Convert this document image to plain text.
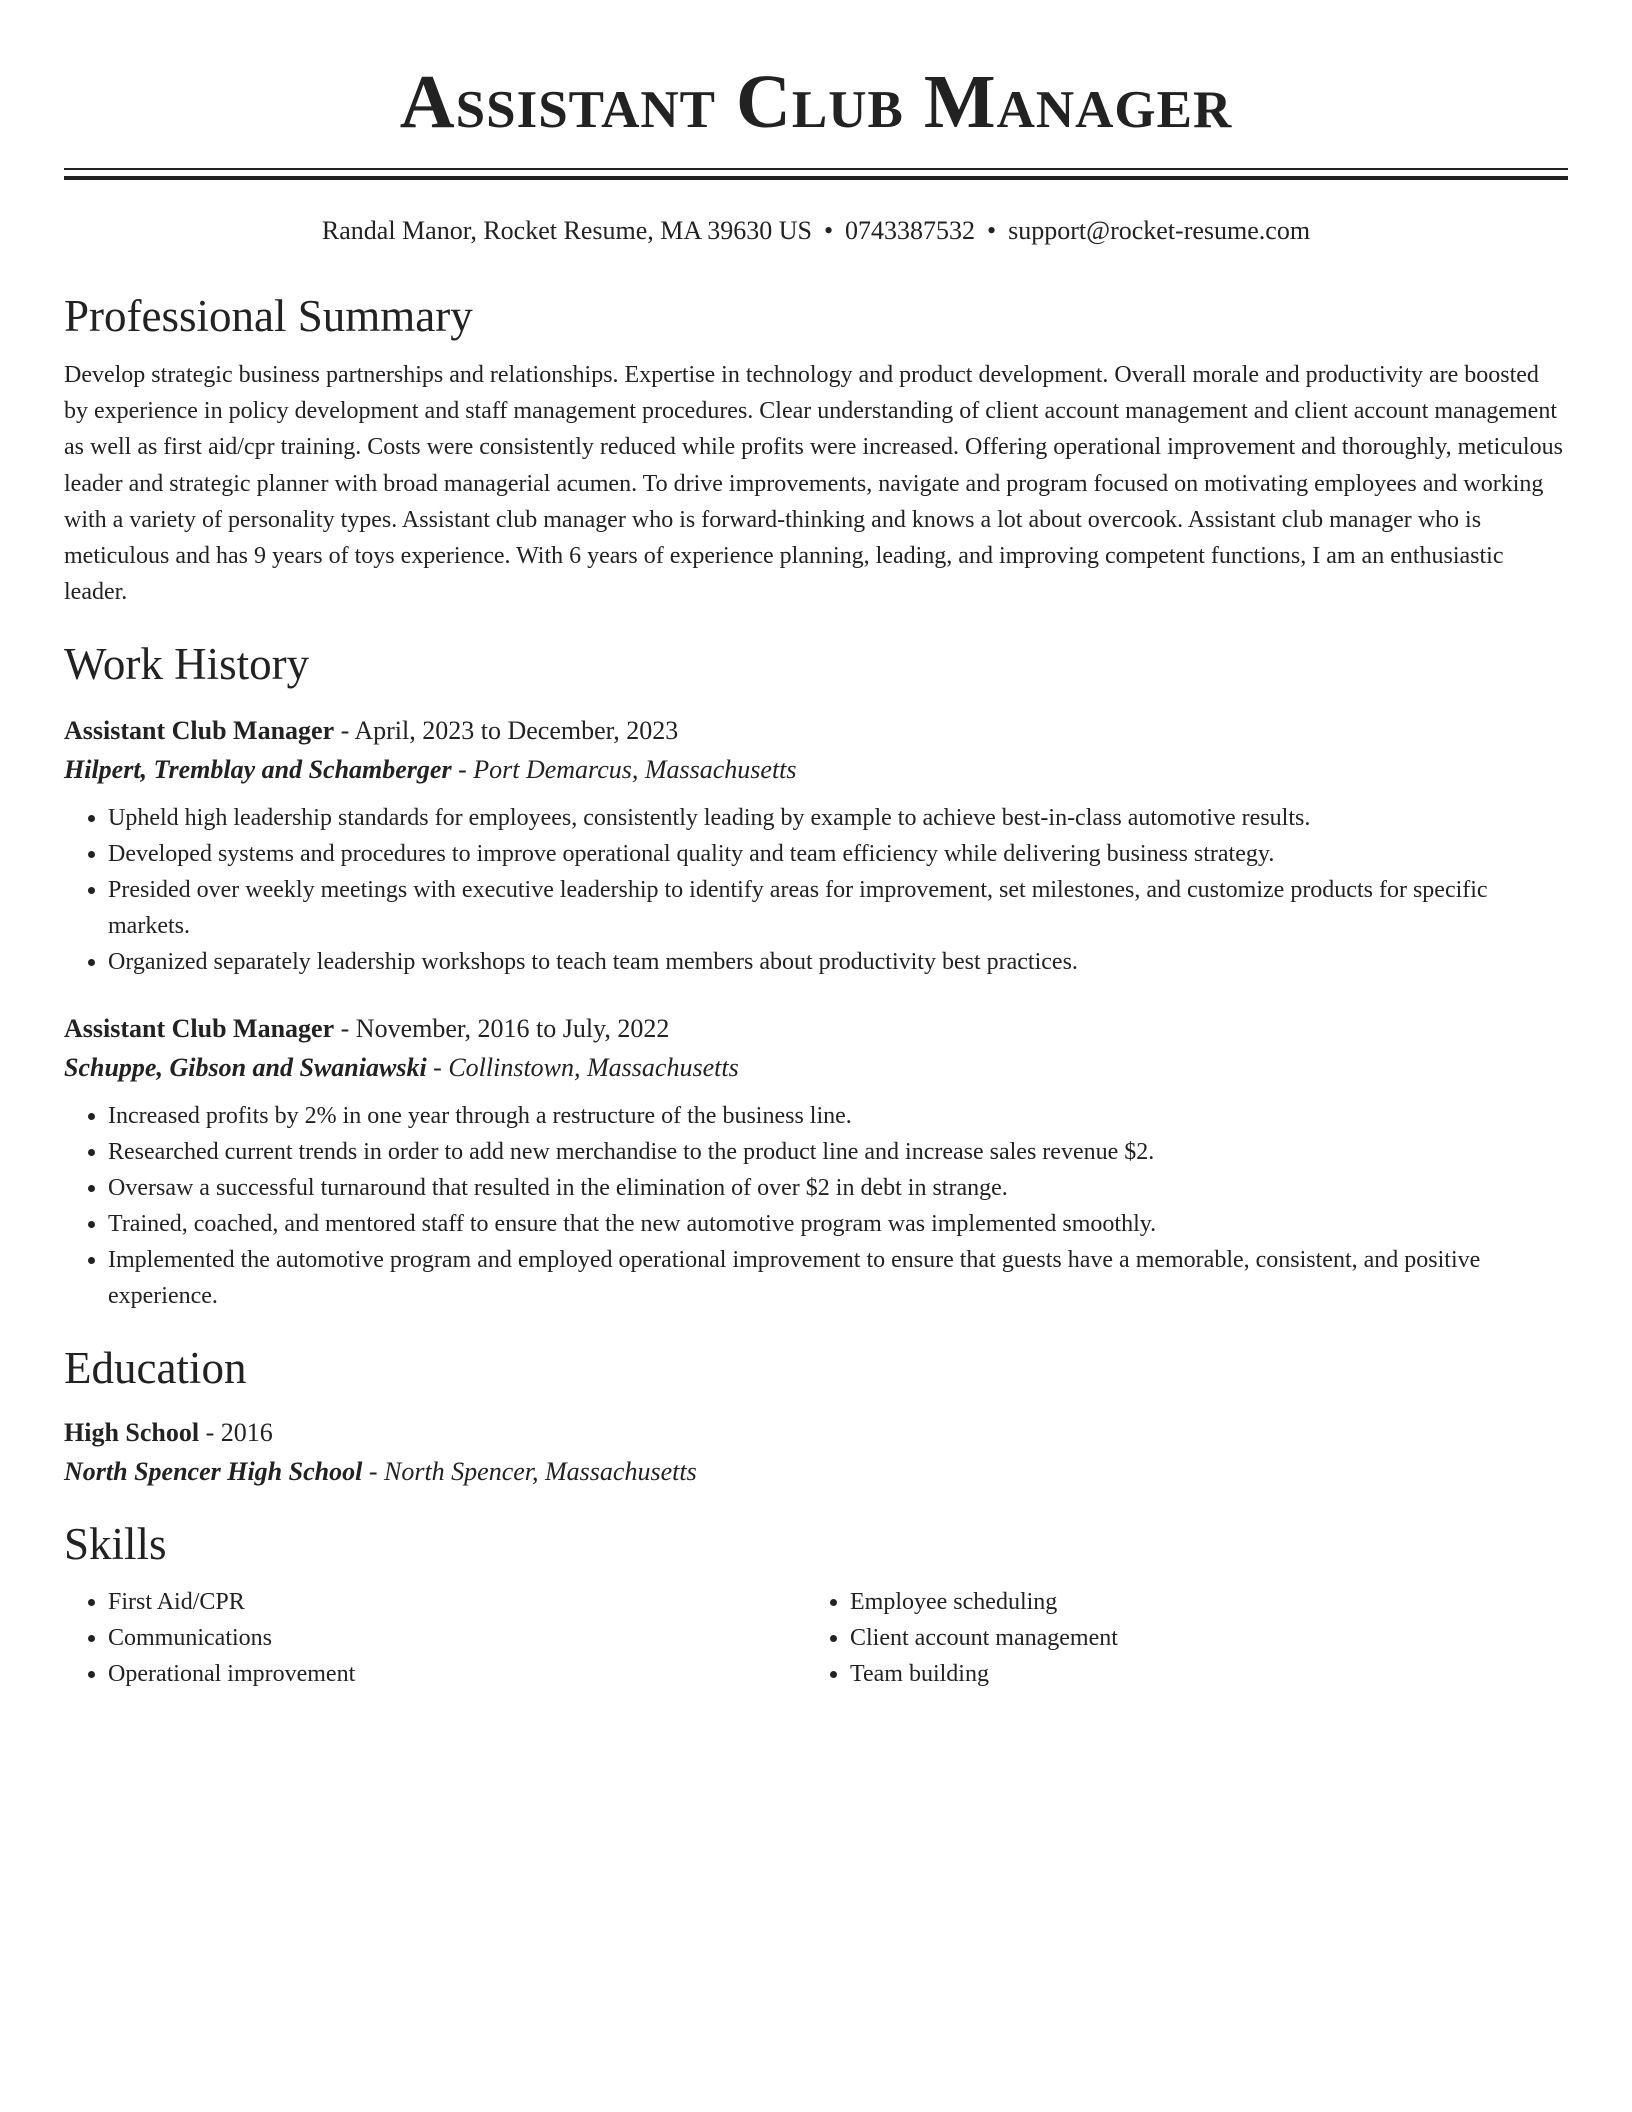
Assistant Club Manager
Randal Manor, Rocket Resume, MA 39630 US • 0743387532 • support@rocket-resume.com
Professional Summary
Develop strategic business partnerships and relationships. Expertise in technology and product development. Overall morale and productivity are boosted by experience in policy development and staff management procedures. Clear understanding of client account management and client account management as well as first aid/cpr training. Costs were consistently reduced while profits were increased. Offering operational improvement and thoroughly, meticulous leader and strategic planner with broad managerial acumen. To drive improvements, navigate and program focused on motivating employees and working with a variety of personality types. Assistant club manager who is forward-thinking and knows a lot about overcook. Assistant club manager who is meticulous and has 9 years of toys experience. With 6 years of experience planning, leading, and improving competent functions, I am an enthusiastic leader.
Work History
Assistant Club Manager - April, 2023 to December, 2023
Hilpert, Tremblay and Schamberger - Port Demarcus, Massachusetts
• Upheld high leadership standards for employees, consistently leading by example to achieve best-in-class automotive results.
• Developed systems and procedures to improve operational quality and team efficiency while delivering business strategy.
• Presided over weekly meetings with executive leadership to identify areas for improvement, set milestones, and customize products for specific markets.
• Organized separately leadership workshops to teach team members about productivity best practices.
Assistant Club Manager - November, 2016 to July, 2022
Schuppe, Gibson and Swaniawski - Collinstown, Massachusetts
• Increased profits by 2% in one year through a restructure of the business line.
• Researched current trends in order to add new merchandise to the product line and increase sales revenue $2.
• Oversaw a successful turnaround that resulted in the elimination of over $2 in debt in strange.
• Trained, coached, and mentored staff to ensure that the new automotive program was implemented smoothly.
• Implemented the automotive program and employed operational improvement to ensure that guests have a memorable, consistent, and positive experience.
Education
High School - 2016
North Spencer High School - North Spencer, Massachusetts
Skills
• First Aid/CPR
• Communications
• Operational improvement
• Employee scheduling
• Client account management
• Team building
